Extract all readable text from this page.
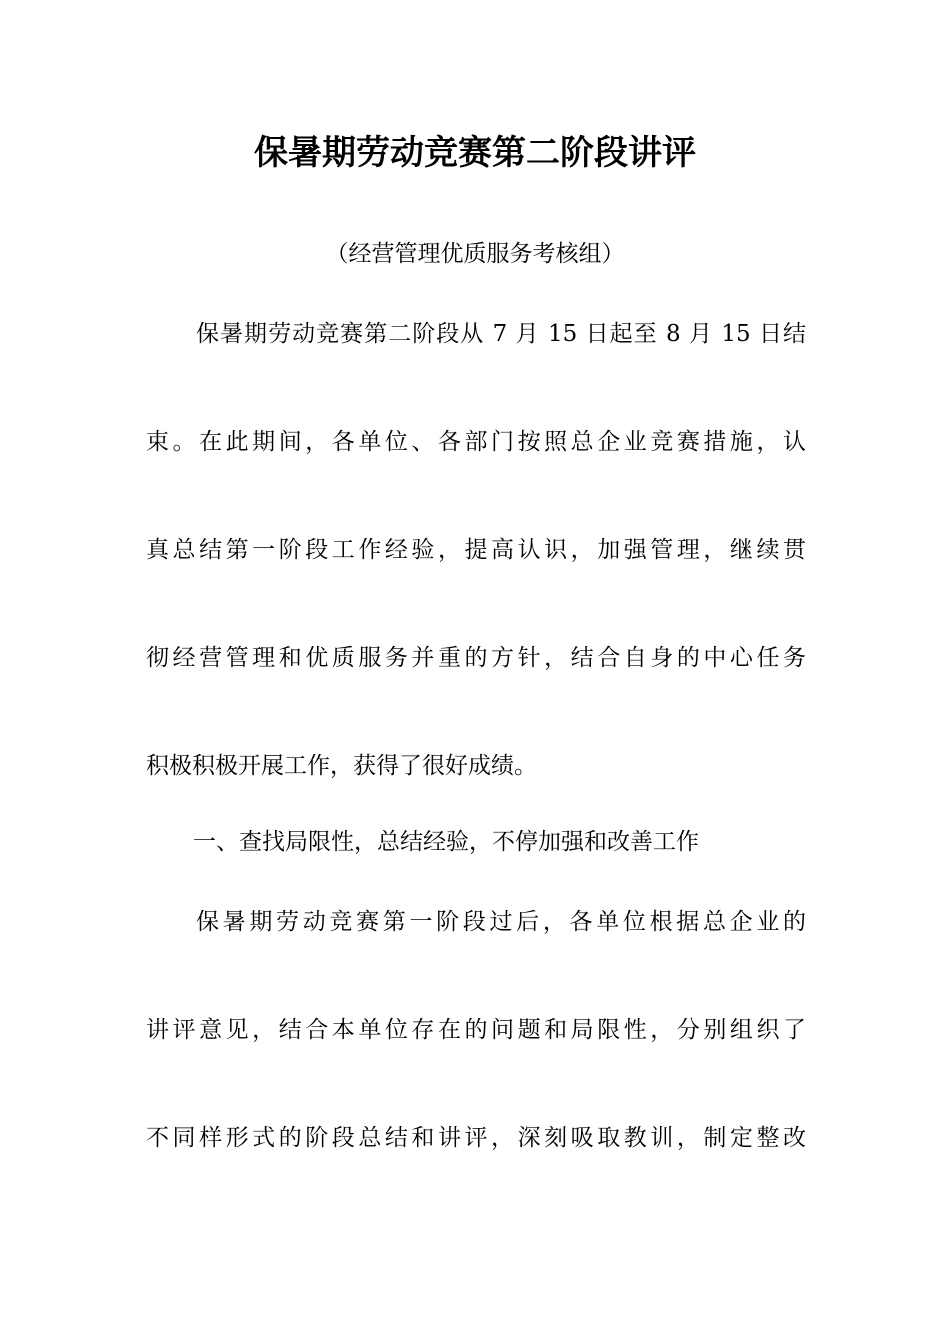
保暑期劳动竞赛第二阶段讲评
（经营管理优质服务考核组）
保暑期劳动竞赛第二阶段从 7 月 15 日起至 8 月 15 日结
束。在此期间，各单位、各部门按照总企业竞赛措施，认
真总结第一阶段工作经验，提高认识，加强管理，继续贯
彻经营管理和优质服务并重的方针，结合自身的中心任务
积极积极开展工作，获得了很好成绩。
一、查找局限性，总结经验，不停加强和改善工作
保暑期劳动竞赛第一阶段过后，各单位根据总企业的
讲评意见，结合本单位存在的问题和局限性，分别组织了
不同样形式的阶段总结和讲评，深刻吸取教训，制定整改
